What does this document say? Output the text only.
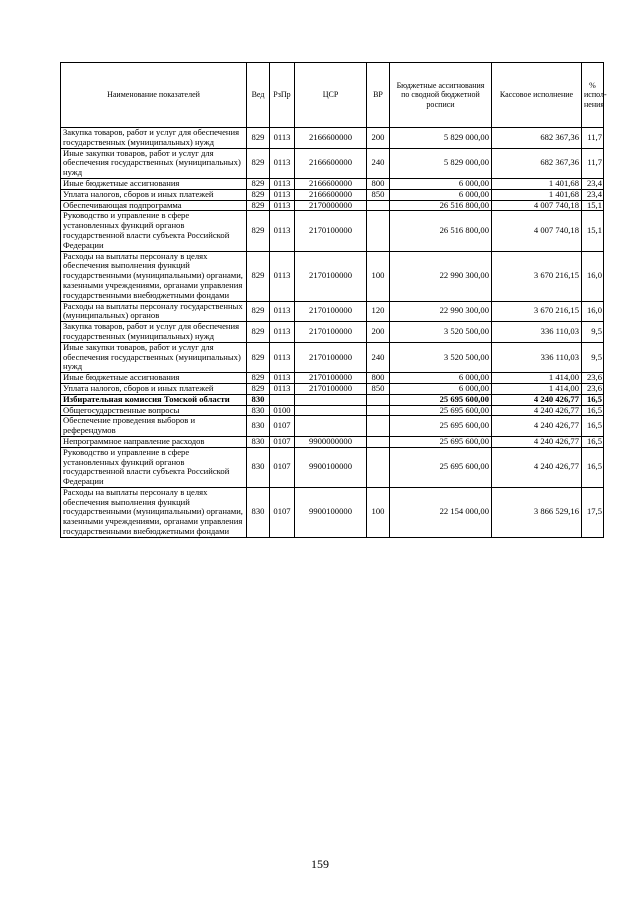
Наименование показателей	Вед	РзПр	ЦСР	ВР	Бюджетные ассигнования по сводной бюджетной росписи	Кассовое исполнение	% испол-нения
Закупка товаров, работ и услуг для обеспечения государственных (муниципальных) нужд	829	0113	2166600000	200	5 829 000,00	682 367,36	11,7
Иные закупки товаров, работ и услуг для обеспечения государственных (муниципальных) нужд	829	0113	2166600000	240	5 829 000,00	682 367,36	11,7
Иные бюджетные ассигнования	829	0113	2166600000	800	6 000,00	1 401,68	23,4
Уплата налогов, сборов и иных платежей	829	0113	2166600000	850	6 000,00	1 401,68	23,4
Обеспечивающая подпрограмма	829	0113	2170000000		26 516 800,00	4 007 740,18	15,1
Руководство и управление в сфере установленных функций органов государственной власти субъекта Российской Федерации	829	0113	2170100000		26 516 800,00	4 007 740,18	15,1
Расходы на выплаты персоналу в целях обеспечения выполнения функций государственными (муниципальными) органами, казенными учреждениями, органами управления государственными внебюджетными фондами	829	0113	2170100000	100	22 990 300,00	3 670 216,15	16,0
Расходы на выплаты персоналу государственных (муниципальных) органов	829	0113	2170100000	120	22 990 300,00	3 670 216,15	16,0
Закупка товаров, работ и услуг для обеспечения государственных (муниципальных) нужд	829	0113	2170100000	200	3 520 500,00	336 110,03	9,5
Иные закупки товаров, работ и услуг для обеспечения государственных (муниципальных) нужд	829	0113	2170100000	240	3 520 500,00	336 110,03	9,5
Иные бюджетные ассигнования	829	0113	2170100000	800	6 000,00	1 414,00	23,6
Уплата налогов, сборов и иных платежей	829	0113	2170100000	850	6 000,00	1 414,00	23,6
Избирательная комиссия Томской области	830				25 695 600,00	4 240 426,77	16,5
Общегосударственные вопросы	830	0100			25 695 600,00	4 240 426,77	16,5
Обеспечение проведения выборов и референдумов	830	0107			25 695 600,00	4 240 426,77	16,5
Непрограммное направление расходов	830	0107	9900000000		25 695 600,00	4 240 426,77	16,5
Руководство и управление в сфере установленных функций органов государственной власти субъекта Российской Федерации	830	0107	9900100000		25 695 600,00	4 240 426,77	16,5
Расходы на выплаты персоналу в целях обеспечения выполнения функций государственными (муниципальными) органами, казенными учреждениями, органами управления государственными внебюджетными фондами	830	0107	9900100000	100	22 154 000,00	3 866 529,16	17,5
159
